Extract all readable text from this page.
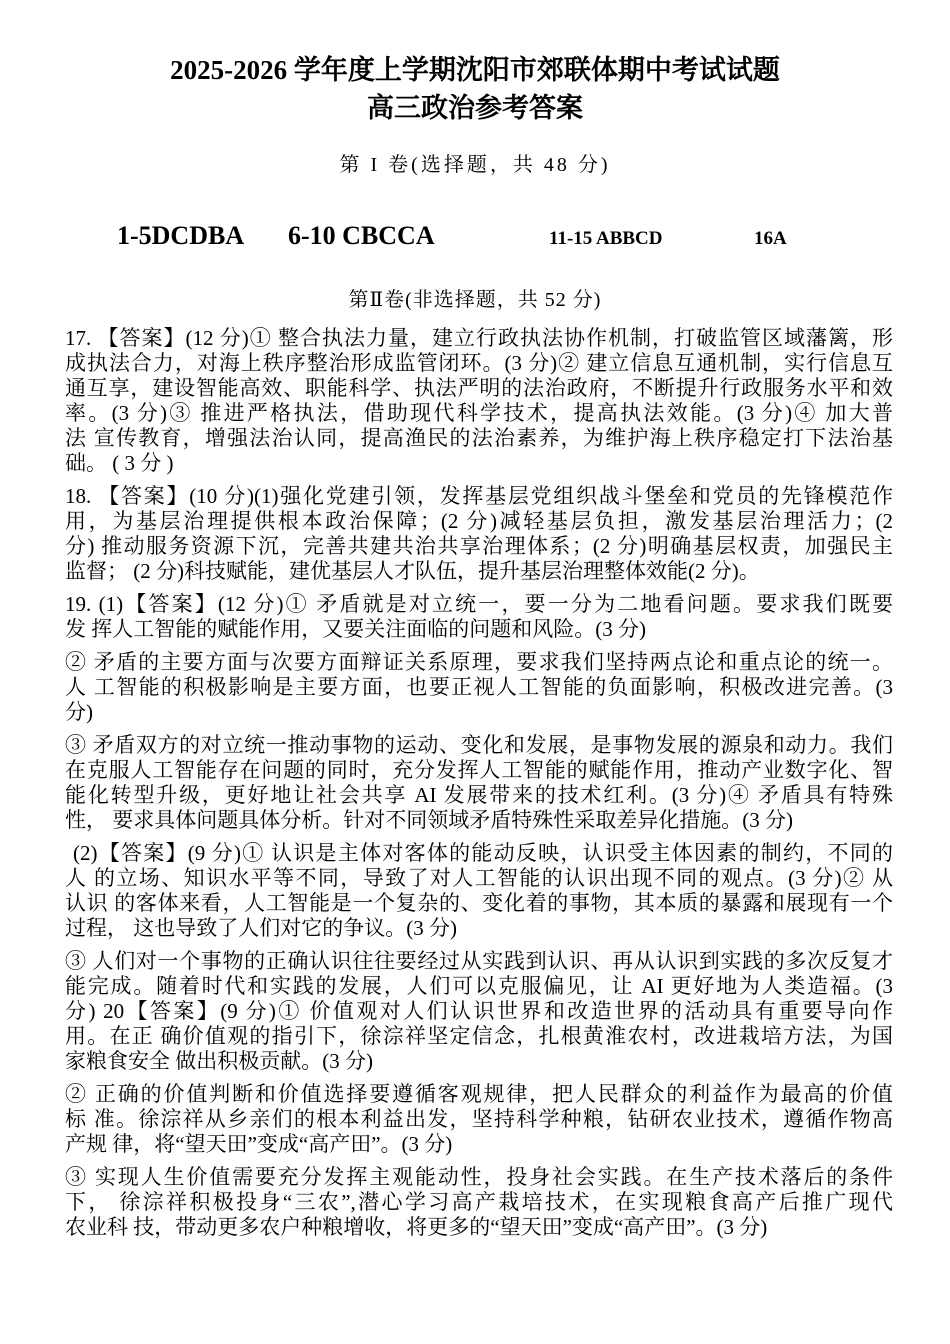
2025-2026 学年度上学期沈阳市郊联体期中考试试题
高三政治参考答案
第 I 卷(选择题，共 48 分)
1-5DCDBA 6-10 CBCCA	11-15 ABBCD	16A
第Ⅱ卷(非选择题，共 52 分)
17. 【答案】(12 分)① 整合执法力量，建立行政执法协作机制，打破监管区域藩篱，形
成执法合力，对海上秩序整治形成监管闭环。(3 分)② 建立信息互通机制，实行信息互
通互享，建设智能高效、职能科学、执法严明的法治政府，不断提升行政服务水平和效
率。(3 分)③ 推进严格执法，借助现代科学技术，提高执法效能。(3 分)④ 加大普
法 宣传教育，增强法治认同，提高渔民的法治素养，为维护海上秩序稳定打下法治基
础。 ( 3 分 )
18. 【答案】(10 分)(1)强化党建引领，发挥基层党组织战斗堡垒和党员的先锋模范作
用，为基层治理提供根本政治保障；(2 分)减轻基层负担，激发基层治理活力；(2
分) 推动服务资源下沉，完善共建共治共享治理体系；(2 分)明确基层权责，加强民主
监督； (2 分)科技赋能，建优基层人才队伍，提升基层治理整体效能(2 分)。
19. (1)【答案】(12 分)① 矛盾就是对立统一，要一分为二地看问题。要求我们既要
发 挥人工智能的赋能作用，又要关注面临的问题和风险。(3 分)
② 矛盾的主要方面与次要方面辩证关系原理，要求我们坚持两点论和重点论的统一。
人 工智能的积极影响是主要方面，也要正视人工智能的负面影响，积极改进完善。(3
分)
③ 矛盾双方的对立统一推动事物的运动、变化和发展，是事物发展的源泉和动力。我们
在克服人工智能存在问题的同时，充分发挥人工智能的赋能作用，推动产业数字化、智
能化转型升级，更好地让社会共享 AI 发展带来的技术红利。(3 分)④ 矛盾具有特殊
性， 要求具体问题具体分析。针对不同领域矛盾特殊性采取差异化措施。(3 分)
(2)【答案】(9 分)① 认识是主体对客体的能动反映，认识受主体因素的制约，不同的
人 的立场、知识水平等不同，导致了对人工智能的认识出现不同的观点。(3 分)② 从
认识 的客体来看，人工智能是一个复杂的、变化着的事物，其本质的暴露和展现有一个
过程， 这也导致了人们对它的争议。(3 分)
③ 人们对一个事物的正确认识往往要经过从实践到认识、再从认识到实践的多次反复才
能完成。随着时代和实践的发展，人们可以克服偏见，让 AI 更好地为人类造福。(3
分) 20【答案】(9 分)① 价值观对人们认识世界和改造世界的活动具有重要导向作
用。在正 确价值观的指引下，徐淙祥坚定信念，扎根黄淮农村，改进栽培方法，为国
家粮食安全 做出积极贡献。(3 分)
② 正确的价值判断和价值选择要遵循客观规律，把人民群众的利益作为最高的价值
标 准。徐淙祥从乡亲们的根本利益出发，坚持科学种粮，钻研农业技术，遵循作物高
产规 律，将“望天田”变成“高产田”。(3 分)
③ 实现人生价值需要充分发挥主观能动性，投身社会实践。在生产技术落后的条件
下， 徐淙祥积极投身“三农”,潜心学习高产栽培技术，在实现粮食高产后推广现代
农业科 技，带动更多农户种粮增收，将更多的“望天田”变成“高产田”。(3 分)
